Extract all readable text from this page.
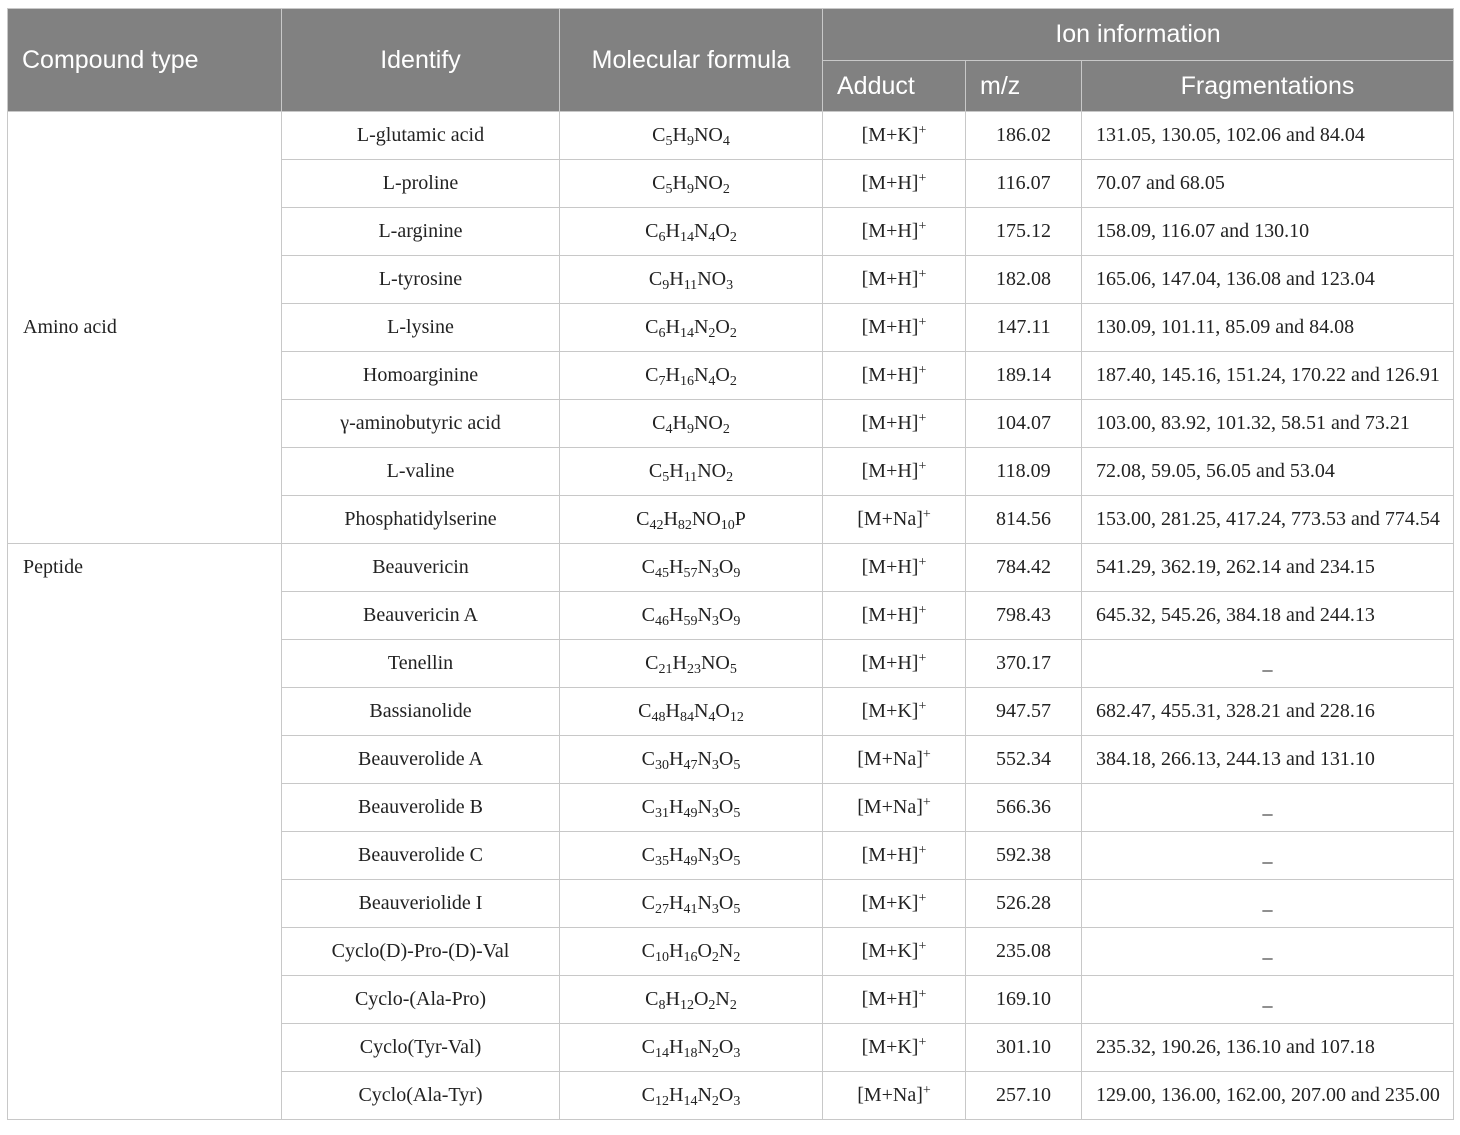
Compound type	Identify	Molecular formula	Ion information		
			Adduct	m/z	Fragmentations
Amino acid	L-glutamic acid	$C_5H_9NO_4$	[M+K]+	186.02	131.05, 130.05, 102.06 and 84.04
	L-proline	$C_5H_9NO_2$	[M+H]+	116.07	70.07 and 68.05
	L-arginine	$C_6H_{14}N_4O_2$	[M+H]+	175.12	158.09, 116.07 and 130.10
	L-tyrosine	$C_9H_{11}NO_3$	[M+H]+	182.08	165.06, 147.04, 136.08 and 123.04
	L-lysine	$C_6H_{14}N_2O_2$	[M+H]+	147.11	130.09, 101.11, 85.09 and 84.08
	Homoarginine	$C_7H_{16}N_4O_2$	[M+H]+	189.14	187.40, 145.16, 151.24, 170.22 and 126.91
	γ-aminobutyric acid	$C_4H_9NO_2$	[M+H]+	104.07	103.00, 83.92, 101.32, 58.51 and 73.21
	L-valine	$C_5H_{11}NO_2$	[M+H]+	118.09	72.08, 59.05, 56.05 and 53.04
	Phosphatidylserine	$C_{42}H_{82}NO_{10}P$	[M+Na]+	814.56	153.00, 281.25, 417.24, 773.53 and 774.54
Peptide	Beauvericin	$C_{45}H_{57}N_3O_9$	[M+H]+	784.42	541.29, 362.19, 262.14 and 234.15
	Beauvericin A	$C_{46}H_{59}N_3O_9$	[M+H]+	798.43	645.32, 545.26, 384.18 and 244.13
	Tenellin	$C_{21}H_{23}NO_5$	[M+H]+	370.17	_
	Bassianolide	$C_{48}H_{84}N_4O_{12}$	[M+K]+	947.57	682.47, 455.31, 328.21 and 228.16
	Beauverolide A	$C_{30}H_{47}N_3O_5$	[M+Na]+	552.34	384.18, 266.13, 244.13 and 131.10
	Beauverolide B	$C_{31}H_{49}N_3O_5$	[M+Na]+	566.36	_
	Beauverolide C	$C_{35}H_{49}N_3O_5$	[M+H]+	592.38	_
	Beauveriolide I	$C_{27}H_{41}N_3O_5$	[M+K]+	526.28	_
	Cyclo(D)-Pro-(D)-Val	$C_{10}H_{16}O_2N_2$	[M+K]+	235.08	_
	Cyclo-(Ala-Pro)	$C_8H_{12}O_2N_2$	[M+H]+	169.10	_
	Cyclo(Tyr-Val)	$C_{14}H_{18}N_2O_3$	[M+K]+	301.10	235.32, 190.26, 136.10 and 107.18
	Cyclo(Ala-Tyr)	$C_{12}H_{14}N_2O_3$	[M+Na]+	257.10	129.00, 136.00, 162.00, 207.00 and 235.00
